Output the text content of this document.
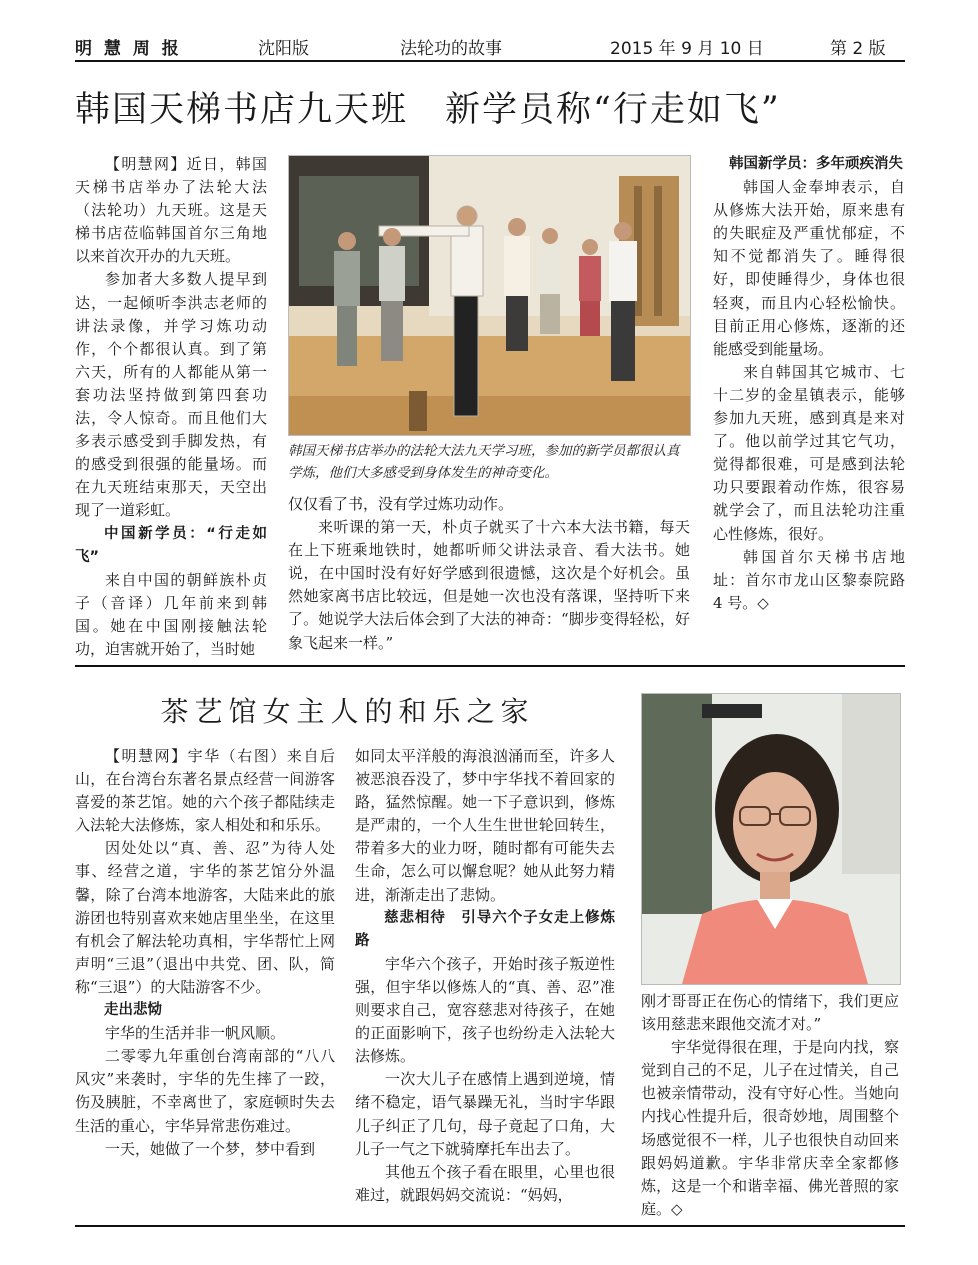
明 慧 周 报	沈阳版	法轮功的故事	2015 年 9 月 10 日	第 2 版
韩国天梯书店九天班　新学员称“行走如飞”

【明慧网】近日，韩国天梯书店举办了法轮大法（法轮功）九天班。这是天梯书店莅临韩国首尔三角地以来首次开办的九天班。

参加者大多数人提早到达，一起倾听李洪志老师的讲法录像，并学习炼功动作，个个都很认真。到了第六天，所有的人都能从第一套功法坚持做到第四套功法，令人惊奇。而且他们大多表示感受到手脚发热，有的感受到很强的能量场。而在九天班结束那天，天空出现了一道彩虹。

中国新学员：“行走如飞”

来自中国的朝鲜族朴贞子（音译）几年前来到韩国。她在中国刚接触法轮功，迫害就开始了，当时她

韩国天梯书店举办的法轮大法九天学习班，参加的新学员都很认真学炼，他们大多感受到身体发生的神奇变化。

仅仅看了书，没有学过炼功动作。

来听课的第一天，朴贞子就买了十六本大法书籍，每天在上下班乘地铁时，她都听师父讲法录音、看大法书。她说，在中国时没有好好学感到很遗憾，这次是个好机会。虽然她家离书店比较远，但是她一次也没有落课，坚持听下来了。她说学大法后体会到了大法的神奇：“脚步变得轻松，好象飞起来一样。”

韩国新学员：多年顽疾消失

韩国人金奉坤表示，自从修炼大法开始，原来患有的失眠症及严重忧郁症，不知不觉都消失了。睡得很好，即使睡得少，身体也很轻爽，而且内心轻松愉快。目前正用心修炼，逐渐的还能感受到能量场。

来自韩国其它城市、七十二岁的金星镇表示，能够参加九天班，感到真是来对了。他以前学过其它气功，觉得都很难，可是感到法轮功只要跟着动作炼，很容易就学会了，而且法轮功注重心性修炼，很好。

韩国首尔天梯书店地址：首尔市龙山区黎泰院路 4 号。◇

茶艺馆女主人的和乐之家

【明慧网】宇华（右图）来自后山，在台湾台东著名景点经营一间游客喜爱的茶艺馆。她的六个孩子都陆续走入法轮大法修炼，家人相处和和乐乐。

因处处以“真、善、忍”为待人处事、经营之道，宇华的茶艺馆分外温馨，除了台湾本地游客，大陆来此的旅游团也特别喜欢来她店里坐坐，在这里有机会了解法轮功真相，宇华帮忙上网声明“三退”（退出中共党、团、队，简称“三退”）的大陆游客不少。

走出悲恸

宇华的生活并非一帆风顺。

二零零九年重创台湾南部的“八八风灾”来袭时，宇华的先生摔了一跤，伤及胰脏，不幸离世了，家庭顿时失去生活的重心，宇华异常悲伤难过。

一天，她做了一个梦，梦中看到

如同太平洋般的海浪汹涌而至，许多人被恶浪吞没了，梦中宇华找不着回家的路，猛然惊醒。她一下子意识到，修炼是严肃的，一个人生生世世轮回转生，带着多大的业力呀，随时都有可能失去生命，怎么可以懈怠呢？她从此努力精进，渐渐走出了悲恸。

慈悲相待　引导六个子女走上修炼路

宇华六个孩子，开始时孩子叛逆性强，但宇华以修炼人的“真、善、忍”准则要求自己，宽容慈悲对待孩子，在她的正面影响下，孩子也纷纷走入法轮大法修炼。

一次大儿子在感情上遇到逆境，情绪不稳定，语气暴躁无礼，当时宇华跟儿子纠正了几句，母子竟起了口角，大儿子一气之下就骑摩托车出去了。

其他五个孩子看在眼里，心里也很难过，就跟妈妈交流说：“妈妈，

刚才哥哥正在伤心的情绪下，我们更应该用慈悲来跟他交流才对。”

宇华觉得很在理，于是向内找，察觉到自己的不足，儿子在过情关，自己也被亲情带动，没有守好心性。当她向内找心性提升后，很奇妙地，周围整个场感觉很不一样，儿子也很快自动回来跟妈妈道歉。宇华非常庆幸全家都修炼，这是一个和谐幸福、佛光普照的家庭。◇
